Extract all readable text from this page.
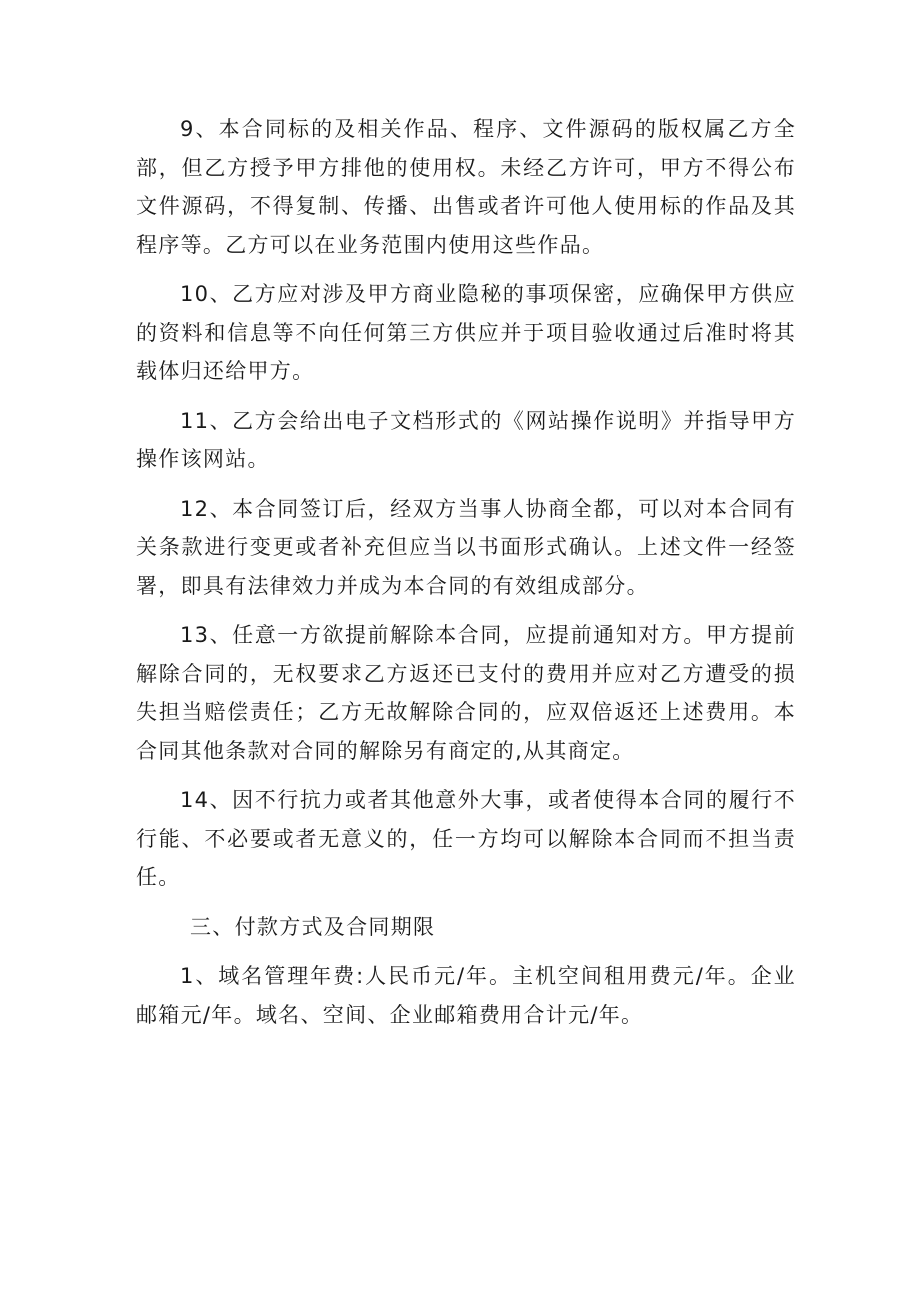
9、本合同标的及相关作品、程序、文件源码的版权属乙方全部，但乙方授予甲方排他的使用权。未经乙方许可，甲方不得公布文件源码，不得复制、传播、出售或者许可他人使用标的作品及其程序等。乙方可以在业务范围内使用这些作品。

10、乙方应对涉及甲方商业隐秘的事项保密，应确保甲方供应的资料和信息等不向任何第三方供应并于项目验收通过后准时将其载体归还给甲方。

11、乙方会给出电子文档形式的《网站操作说明》并指导甲方操作该网站。

12、本合同签订后，经双方当事人协商全都，可以对本合同有关条款进行变更或者补充但应当以书面形式确认。上述文件一经签署，即具有法律效力并成为本合同的有效组成部分。

13、任意一方欲提前解除本合同，应提前通知对方。甲方提前解除合同的，无权要求乙方返还已支付的费用并应对乙方遭受的损失担当赔偿责任；乙方无故解除合同的，应双倍返还上述费用。本合同其他条款对合同的解除另有商定的,从其商定。

14、因不行抗力或者其他意外大事，或者使得本合同的履行不行能、不必要或者无意义的，任一方均可以解除本合同而不担当责任。

三、付款方式及合同期限

1、域名管理年费:人民币元/年。主机空间租用费元/年。企业邮箱元/年。域名、空间、企业邮箱费用合计元/年。
